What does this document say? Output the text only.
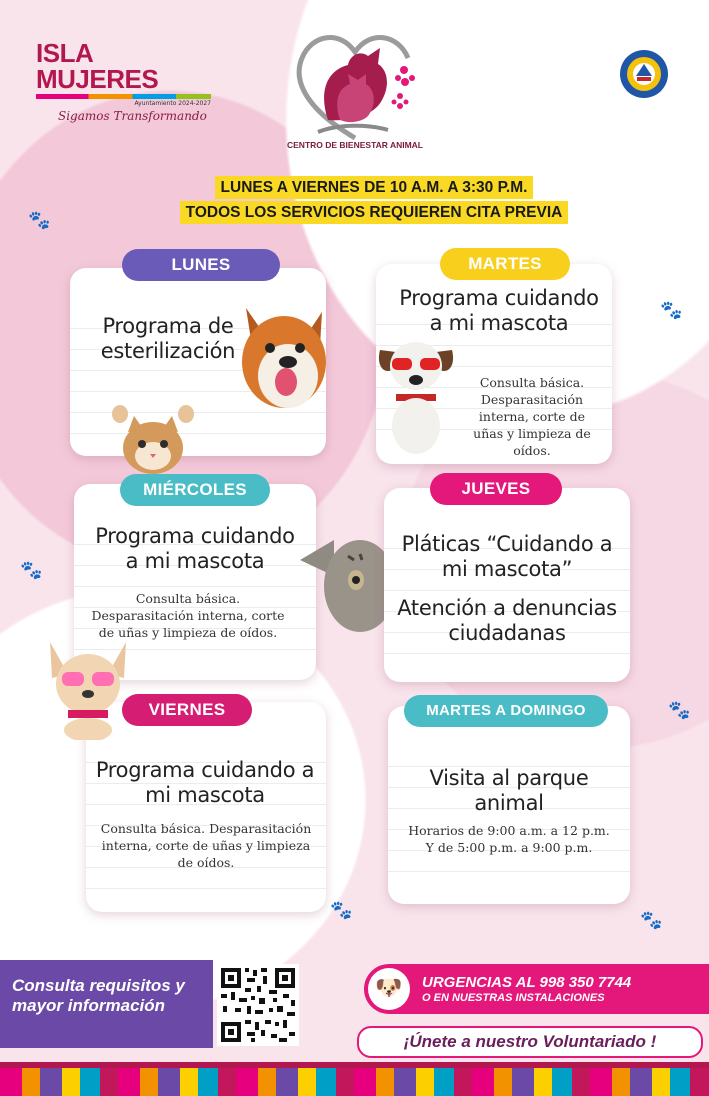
🐾
🐾
🐾
🐾
🐾	🐾
ISLA MUJERES
Ayuntamiento 2024-2027
Sigamos Transformando
CENTRO DE BIENESTAR ANIMAL
LUNES A VIERNES DE 10 A.M. A 3:30 P.M.
TODOS LOS SERVICIOS REQUIEREN CITA PREVIA
LUNES
Programa de esterilización
MARTES
Programa cuidando a mi mascota
Consulta básica. Desparasitación interna, corte de uñas y limpieza de oídos.
MIÉRCOLES
Programa cuidando a mi mascota
Consulta básica. Desparasitación interna, corte de uñas y limpieza de oídos.
JUEVES
Pláticas “Cuidando a mi mascota”
Atención a denuncias ciudadanas
VIERNES
Programa cuidando a mi mascota
Consulta básica. Desparasitación interna, corte de uñas y limpieza de oídos.
MARTES A DOMINGO
Visita al parque animal
Horarios de 9:00 a.m. a 12 p.m. Y de 5:00 p.m. a 9:00 p.m.
Consulta requisitos y mayor información
🐶	URGENCIAS AL 998 350 7744
O EN NUESTRAS INSTALACIONES
¡Únete a nuestro Voluntariado !
